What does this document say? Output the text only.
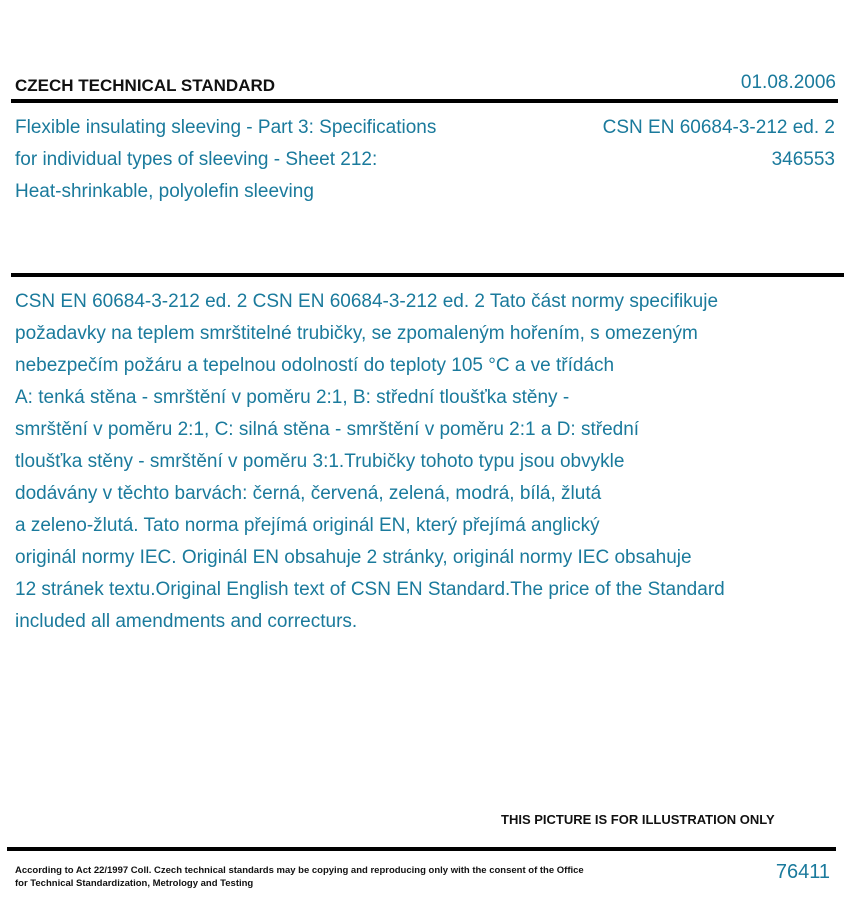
CZECH TECHNICAL STANDARD	01.08.2006
Flexible insulating sleeving - Part 3: Specifications
for individual types of sleeving - Sheet 212:
Heat-shrinkable, polyolefin sleeving
CSN EN 60684-3-212 ed. 2
346553
CSN EN 60684-3-212 ed. 2 CSN EN 60684-3-212 ed. 2 Tato část normy specifikuje
požadavky na teplem smrštitelné trubičky, se zpomaleným hořením, s omezeným
nebezpečím požáru a tepelnou odolností do teploty 105 °C a ve třídách
A: tenká stěna - smrštění v poměru 2:1, B: střední tloušťka stěny -
smrštění v poměru 2:1, C: silná stěna - smrštění v poměru 2:1 a D: střední
tloušťka stěny - smrštění v poměru 3:1.Trubičky tohoto typu jsou obvykle
dodávány v těchto barvách: černá, červená, zelená, modrá, bílá, žlutá
a zeleno-žlutá. Tato norma přejímá originál EN, který přejímá anglický
originál normy IEC. Originál EN obsahuje 2 stránky, originál normy IEC obsahuje
12 stránek textu.Original English text of CSN EN Standard.The price of the Standard
included all amendments and correcturs.
THIS PICTURE IS FOR ILLUSTRATION ONLY
According to Act 22/1997 Coll. Czech technical standards may be copying and reproducing only with the consent of the Office
for Technical Standardization, Metrology and Testing
76411
